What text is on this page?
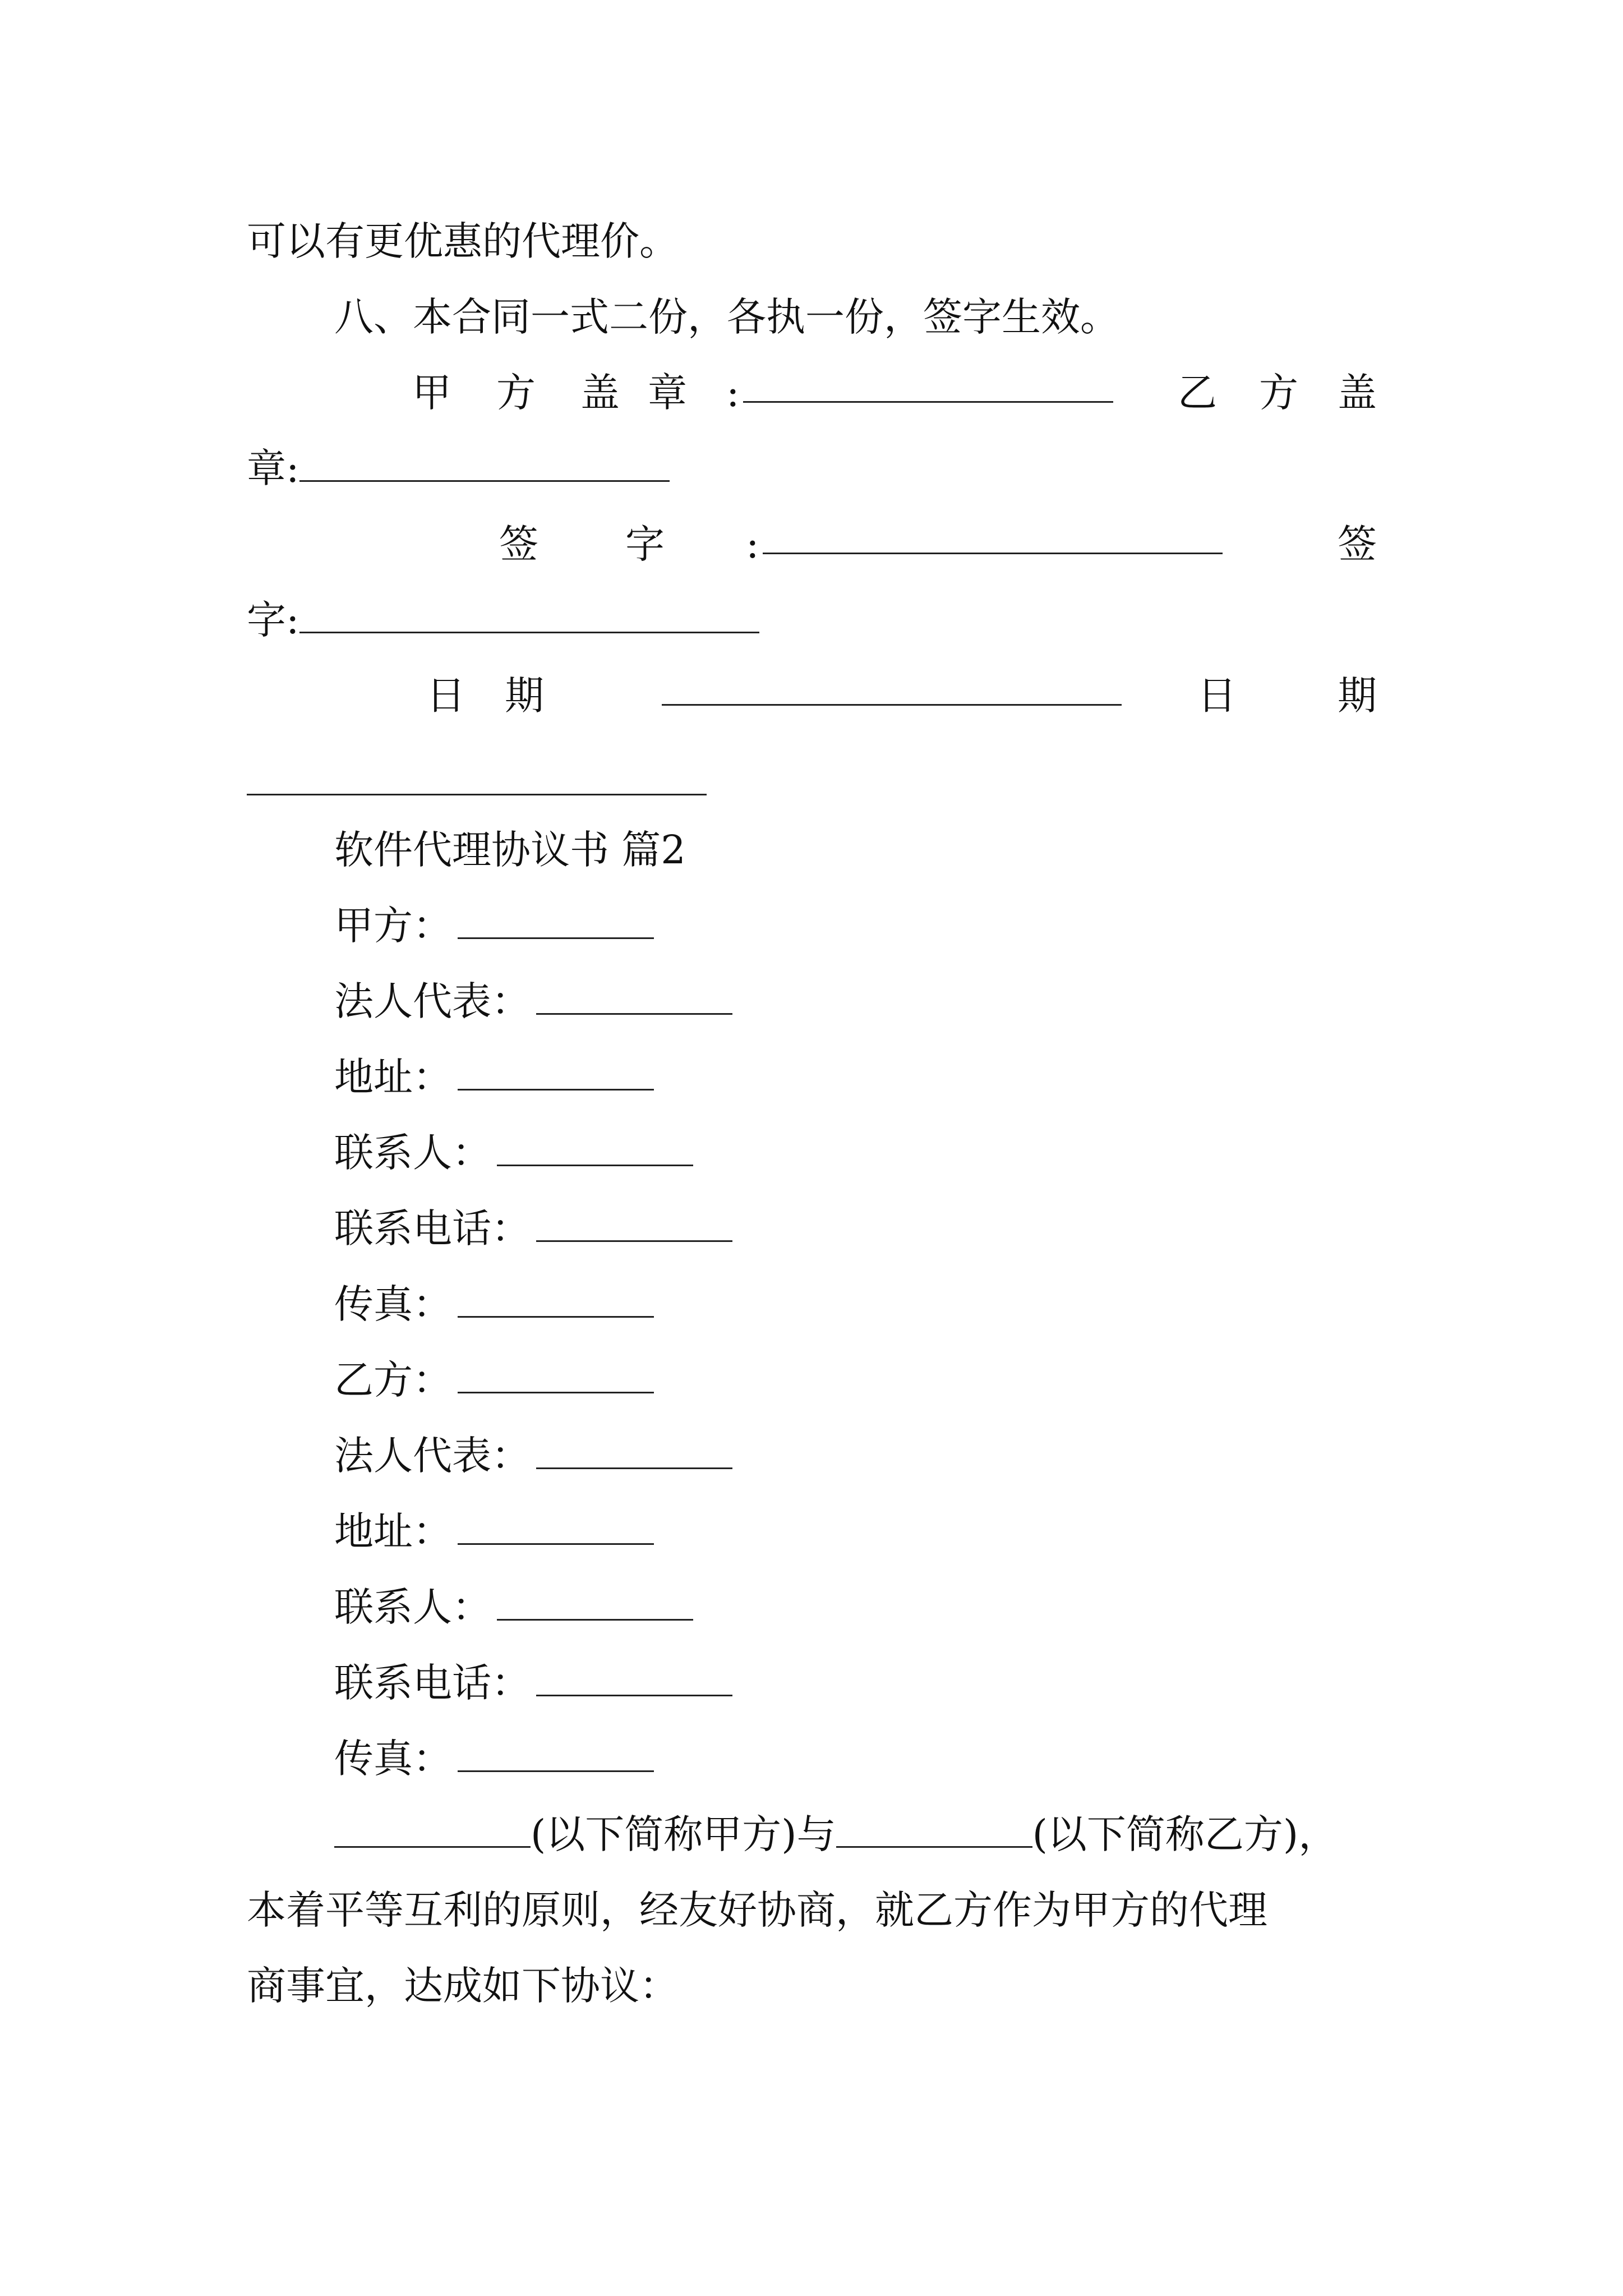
可以有更优惠的代理价。
八、本合同一式二份，各执一份，签字生效。
甲 方 盖 章 :	乙 方 盖
章:
签 字 :	签
字:
日 期	日	期
软件代理协议书 篇2
甲方：
法人代表：
地址：
联系人：
联系电话：
传真：
乙方：
法人代表：
地址：
联系人：
联系电话：
传真：
(以下简称甲方)与	(以下简称乙方)，
本着平等互利的原则，经友好协商，就乙方作为甲方的代理
商事宜，达成如下协议：
